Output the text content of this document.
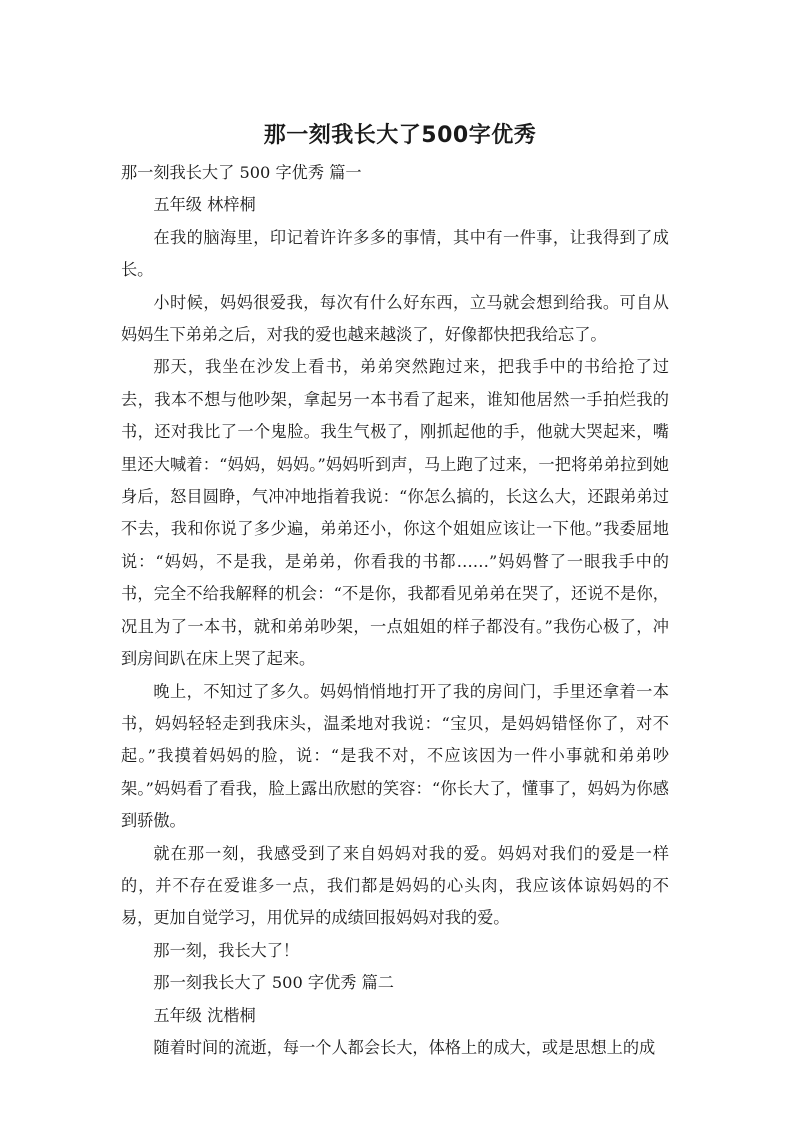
那一刻我长大了500字优秀

那一刻我长大了 500 字优秀 篇一

五年级 林梓桐

在我的脑海里，印记着许许多多的事情，其中有一件事，让我得到了成长。

小时候，妈妈很爱我，每次有什么好东西，立马就会想到给我。可自从妈妈生下弟弟之后，对我的爱也越来越淡了，好像都快把我给忘了。

那天，我坐在沙发上看书，弟弟突然跑过来，把我手中的书给抢了过去，我本不想与他吵架，拿起另一本书看了起来，谁知他居然一手拍烂我的书，还对我比了一个鬼脸。我生气极了，刚抓起他的手，他就大哭起来，嘴里还大喊着：“妈妈，妈妈。”妈妈听到声，马上跑了过来，一把将弟弟拉到她身后，怒目圆睁，气冲冲地指着我说：“你怎么搞的，长这么大，还跟弟弟过不去，我和你说了多少遍，弟弟还小，你这个姐姐应该让一下他。”我委屈地说：“妈妈，不是我，是弟弟，你看我的书都……”妈妈瞥了一眼我手中的书，完全不给我解释的机会：“不是你，我都看见弟弟在哭了，还说不是你，况且为了一本书，就和弟弟吵架，一点姐姐的样子都没有。”我伤心极了，冲到房间趴在床上哭了起来。

晚上，不知过了多久。妈妈悄悄地打开了我的房间门，手里还拿着一本书，妈妈轻轻走到我床头，温柔地对我说：“宝贝，是妈妈错怪你了，对不起。”我摸着妈妈的脸，说：“是我不对，不应该因为一件小事就和弟弟吵架。”妈妈看了看我，脸上露出欣慰的笑容：“你长大了，懂事了，妈妈为你感到骄傲。

就在那一刻，我感受到了来自妈妈对我的爱。妈妈对我们的爱是一样的，并不存在爱谁多一点，我们都是妈妈的心头肉，我应该体谅妈妈的不易，更加自觉学习，用优异的成绩回报妈妈对我的爱。

那一刻，我长大了！

那一刻我长大了 500 字优秀 篇二

五年级 沈楷桐

随着时间的流逝，每一个人都会长大，体格上的成大，或是思想上的成
